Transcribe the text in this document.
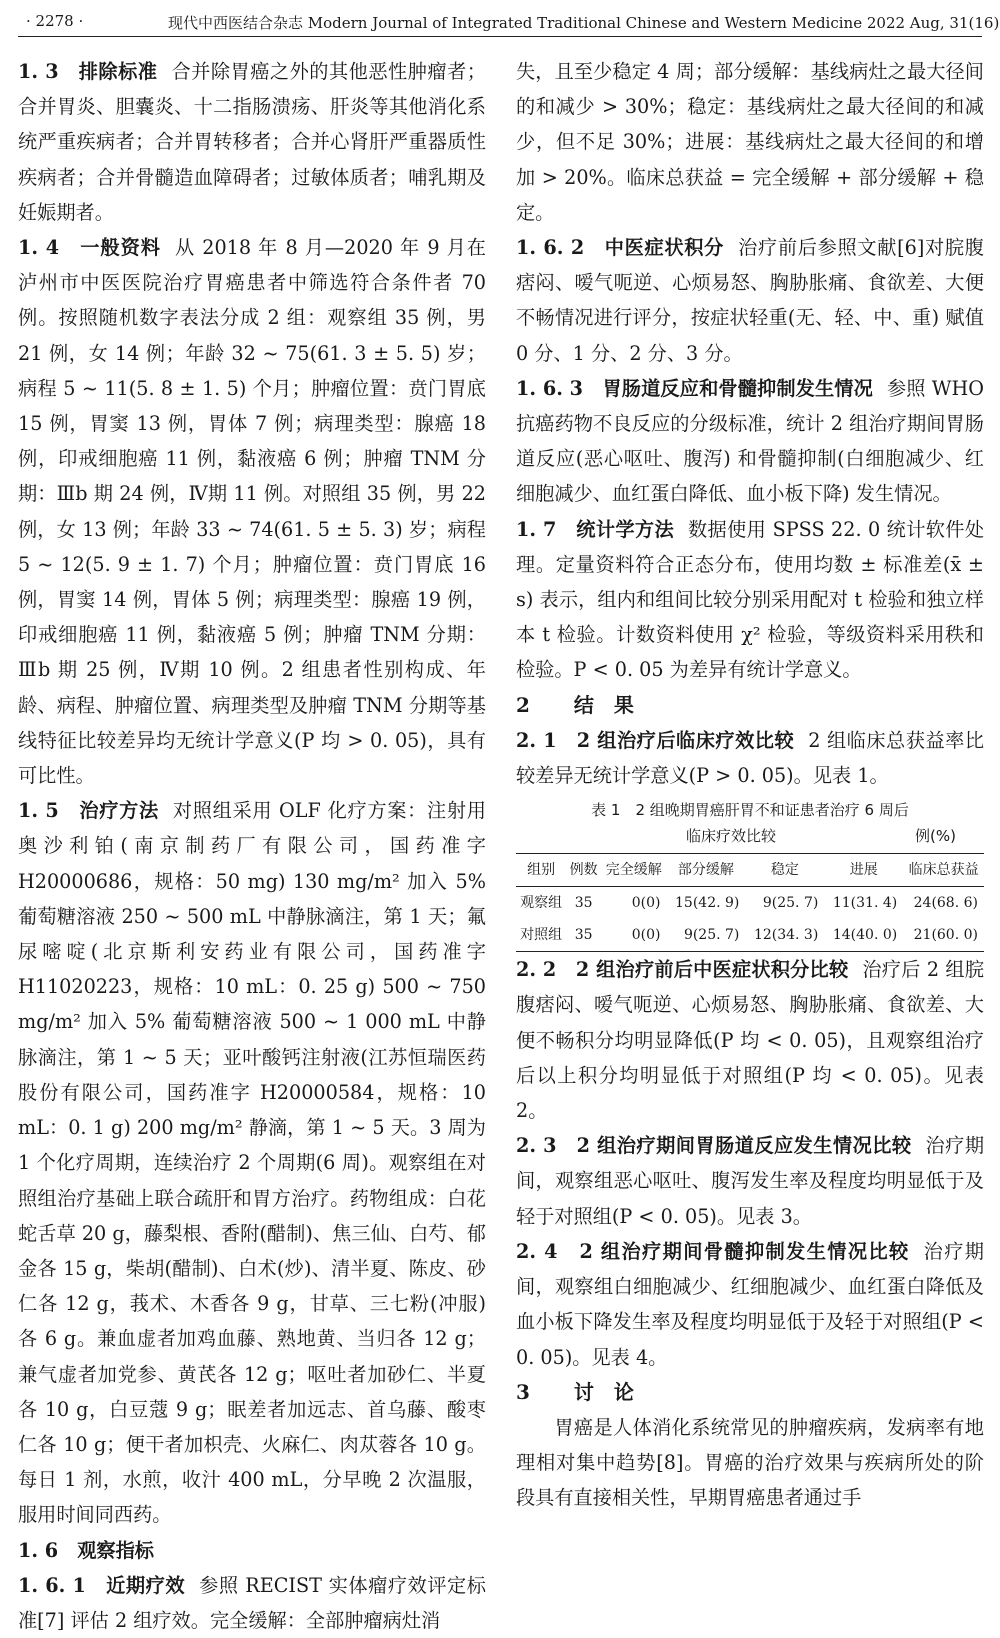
· 2278 ·	现代中西医结合杂志 Modern Journal of Integrated Traditional Chinese and Western Medicine 2022 Aug, 31(16)

1. 3　排除标准 合并除胃癌之外的其他恶性肿瘤者；合并胃炎、胆囊炎、十二指肠溃疡、肝炎等其他消化系统严重疾病者；合并胃转移者；合并心肾肝严重器质性疾病者；合并骨髓造血障碍者；过敏体质者；哺乳期及妊娠期者。

1. 4　一般资料 从 2018 年 8 月—2020 年 9 月在泸州市中医医院治疗胃癌患者中筛选符合条件者 70 例。按照随机数字表法分成 2 组：观察组 35 例，男 21 例，女 14 例；年龄 32 ~ 75(61. 3 ± 5. 5) 岁；病程 5 ~ 11(5. 8 ± 1. 5) 个月；肿瘤位置：贲门胃底 15 例，胃窦 13 例，胃体 7 例；病理类型：腺癌 18 例，印戒细胞癌 11 例，黏液癌 6 例；肿瘤 TNM 分期：Ⅲb 期 24 例，Ⅳ期 11 例。对照组 35 例，男 22 例，女 13 例；年龄 33 ~ 74(61. 5 ± 5. 3) 岁；病程 5 ~ 12(5. 9 ± 1. 7) 个月；肿瘤位置：贲门胃底 16 例，胃窦 14 例，胃体 5 例；病理类型：腺癌 19 例，印戒细胞癌 11 例，黏液癌 5 例；肿瘤 TNM 分期：Ⅲb 期 25 例，Ⅳ期 10 例。2 组患者性别构成、年龄、病程、肿瘤位置、病理类型及肿瘤 TNM 分期等基线特征比较差异均无统计学意义(P 均 > 0. 05)，具有可比性。

1. 5　治疗方法 对照组采用 OLF 化疗方案：注射用奥沙利铂(南京制药厂有限公司，国药准字 H20000686，规格：50 mg) 130 mg/m² 加入 5% 葡萄糖溶液 250 ~ 500 mL 中静脉滴注，第 1 天；氟尿嘧啶(北京斯利安药业有限公司，国药准字 H11020223，规格：10 mL：0. 25 g) 500 ~ 750 mg/m² 加入 5% 葡萄糖溶液 500 ~ 1 000 mL 中静脉滴注，第 1 ~ 5 天；亚叶酸钙注射液(江苏恒瑞医药股份有限公司，国药准字 H20000584，规格：10 mL：0. 1 g) 200 mg/m² 静滴，第 1 ~ 5 天。3 周为 1 个化疗周期，连续治疗 2 个周期(6 周)。观察组在对照组治疗基础上联合疏肝和胃方治疗。药物组成：白花蛇舌草 20 g，藤梨根、香附(醋制)、焦三仙、白芍、郁金各 15 g，柴胡(醋制)、白术(炒)、清半夏、陈皮、砂仁各 12 g，莪术、木香各 9 g，甘草、三七粉(冲服) 各 6 g。兼血虚者加鸡血藤、熟地黄、当归各 12 g；兼气虚者加党参、黄芪各 12 g；呕吐者加砂仁、半夏各 10 g，白豆蔻 9 g；眠差者加远志、首乌藤、酸枣仁各 10 g；便干者加枳壳、火麻仁、肉苁蓉各 10 g。每日 1 剂，水煎，收汁 400 mL，分早晚 2 次温服，服用时间同西药。

1. 6　观察指标

1. 6. 1　近期疗效 参照 RECIST 实体瘤疗效评定标准[7] 评估 2 组疗效。完全缓解：全部肿瘤病灶消

失，且至少稳定 4 周；部分缓解：基线病灶之最大径间的和减少 > 30%；稳定：基线病灶之最大径间的和减少，但不足 30%；进展：基线病灶之最大径间的和增加 > 20%。临床总获益 = 完全缓解 + 部分缓解 + 稳定。

1. 6. 2　中医症状积分 治疗前后参照文献[6]对脘腹痞闷、嗳气呃逆、心烦易怒、胸胁胀痛、食欲差、大便不畅情况进行评分，按症状轻重(无、轻、中、重) 赋值 0 分、1 分、2 分、3 分。

1. 6. 3　胃肠道反应和骨髓抑制发生情况 参照 WHO 抗癌药物不良反应的分级标准，统计 2 组治疗期间胃肠道反应(恶心呕吐、腹泻) 和骨髓抑制(白细胞减少、红细胞减少、血红蛋白降低、血小板下降) 发生情况。

1. 7　统计学方法 数据使用 SPSS 22. 0 统计软件处理。定量资料符合正态分布，使用均数 ± 标准差(x̄ ± s) 表示，组内和组间比较分别采用配对 t 检验和独立样本 t 检验。计数资料使用 χ² 检验，等级资料采用秩和检验。P < 0. 05 为差异有统计学意义。

2 结　果

2. 1　2 组治疗后临床疗效比较 2 组临床总获益率比较差异无统计学意义(P > 0. 05)。见表 1。

表 1　2 组晚期胃癌肝胃不和证患者治疗 6 周后
临床疗效比较	例(%)
组别	例数	完全缓解	部分缓解	稳定	进展	临床总获益
观察组	35	0(0)	15(42. 9)	9(25. 7)	11(31. 4)	24(68. 6)
对照组	35	0(0)	9(25. 7)	12(34. 3)	14(40. 0)	21(60. 0)

2. 2　2 组治疗前后中医症状积分比较 治疗后 2 组脘腹痞闷、嗳气呃逆、心烦易怒、胸胁胀痛、食欲差、大便不畅积分均明显降低(P 均 < 0. 05)，且观察组治疗后以上积分均明显低于对照组(P 均 < 0. 05)。见表 2。

2. 3　2 组治疗期间胃肠道反应发生情况比较 治疗期间，观察组恶心呕吐、腹泻发生率及程度均明显低于及轻于对照组(P < 0. 05)。见表 3。

2. 4　2 组治疗期间骨髓抑制发生情况比较 治疗期间，观察组白细胞减少、红细胞减少、血红蛋白降低及血小板下降发生率及程度均明显低于及轻于对照组(P < 0. 05)。见表 4。

3 讨　论

胃癌是人体消化系统常见的肿瘤疾病，发病率有地理相对集中趋势[8]。胃癌的治疗效果与疾病所处的阶段具有直接相关性，早期胃癌患者通过手
